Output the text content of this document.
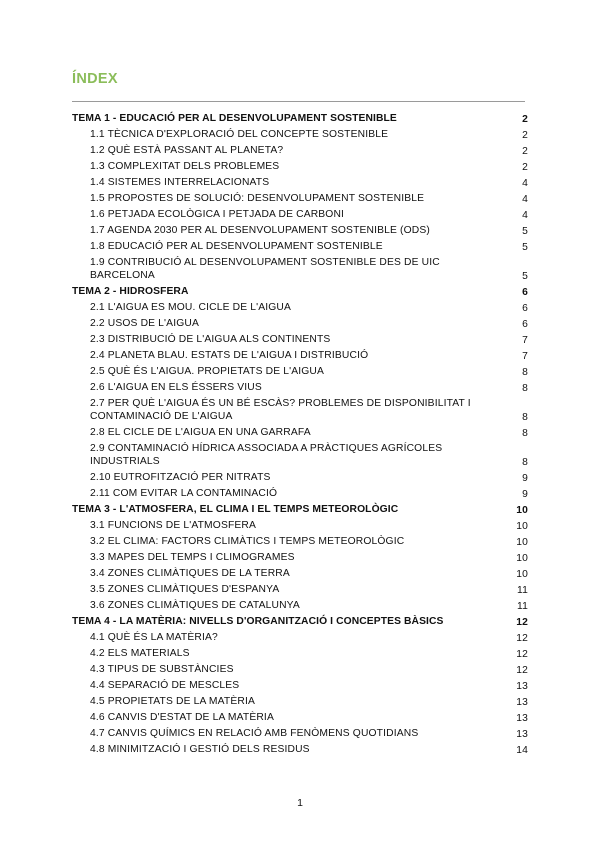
ÍNDEX
TEMA 1 - EDUCACIÓ PER AL DESENVOLUPAMENT SOSTENIBLE	2
1.1 TÈCNICA D'EXPLORACIÓ DEL CONCEPTE SOSTENIBLE	2
1.2 QUÈ ESTÀ PASSANT AL PLANETA?	2
1.3 COMPLEXITAT DELS PROBLEMES	2
1.4 SISTEMES INTERRELACIONATS	4
1.5 PROPOSTES DE SOLUCIÓ: DESENVOLUPAMENT SOSTENIBLE	4
1.6 PETJADA ECOLÒGICA I PETJADA DE CARBONI	4
1.7 AGENDA 2030 PER AL DESENVOLUPAMENT SOSTENIBLE (ODS)	5
1.8 EDUCACIÓ PER AL DESENVOLUPAMENT SOSTENIBLE	5
1.9 CONTRIBUCIÓ AL DESENVOLUPAMENT SOSTENIBLE DES DE UIC BARCELONA	5
TEMA 2 - HIDROSFERA	6
2.1 L'AIGUA ES MOU. CICLE DE L'AIGUA	6
2.2 USOS DE L'AIGUA	6
2.3 DISTRIBUCIÓ DE L'AIGUA ALS CONTINENTS	7
2.4 PLANETA BLAU. ESTATS DE L'AIGUA I DISTRIBUCIÓ	7
2.5 QUÈ ÉS L'AIGUA. PROPIETATS DE L'AIGUA	8
2.6 L'AIGUA EN ELS ÉSSERS VIUS	8
2.7 PER QUÈ L'AIGUA ÉS UN BÉ ESCÀS? PROBLEMES DE DISPONIBILITAT I CONTAMINACIÓ DE L'AIGUA	8
2.8 EL CICLE DE L'AIGUA EN UNA GARRAFA	8
2.9 CONTAMINACIÓ HÍDRICA ASSOCIADA A PRÀCTIQUES AGRÍCOLES INDUSTRIALS	8
2.10 EUTROFITZACIÓ PER NITRATS	9
2.11 COM EVITAR LA CONTAMINACIÓ	9
TEMA 3 - L'ATMOSFERA, EL CLIMA I EL TEMPS METEOROLÒGIC	10
3.1 FUNCIONS DE L'ATMOSFERA	10
3.2 EL CLIMA: FACTORS CLIMÀTICS I TEMPS METEOROLÒGIC	10
3.3 MAPES DEL TEMPS I CLIMOGRAMES	10
3.4 ZONES CLIMÀTIQUES DE LA TERRA	10
3.5 ZONES CLIMÀTIQUES D'ESPANYA	11
3.6 ZONES CLIMÀTIQUES DE CATALUNYA	11
TEMA 4 - LA MATÈRIA: NIVELLS D'ORGANITZACIÓ I CONCEPTES BÀSICS	12
4.1 QUÈ ÉS LA MATÈRIA?	12
4.2 ELS MATERIALS	12
4.3 TIPUS DE SUBSTÀNCIES	12
4.4 SEPARACIÓ DE MESCLES	13
4.5 PROPIETATS DE LA MATÈRIA	13
4.6 CANVIS D'ESTAT DE LA MATÈRIA	13
4.7 CANVIS QUÍMICS EN RELACIÓ AMB FENÒMENS QUOTIDIANS	13
4.8 MINIMITZACIÓ I GESTIÓ DELS RESIDUS	14
1
